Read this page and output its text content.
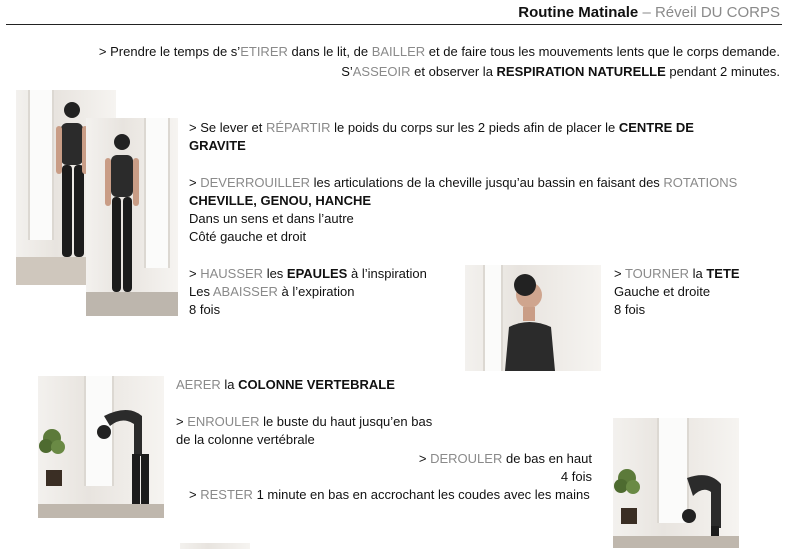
Routine Matinale – Réveil DU CORPS
> Prendre le temps de s’ETIRER dans le lit, de BAILLER et de faire tous les mouvements lents que le corps demande.
S’ASSEOIR et observer la RESPIRATION NATURELLE pendant 2 minutes.
> Se lever et RÉPARTIR le poids du corps sur les 2 pieds afin de placer le CENTRE DE
GRAVITE
> DEVERROUILLER les articulations de la cheville jusqu’au bassin en faisant des ROTATIONS
CHEVILLE, GENOU, HANCHE
Dans un sens et dans l’autre
Côté gauche et droit
> HAUSSER les EPAULES à l’inspiration
Les ABAISSER à l’expiration
8 fois
> TOURNER la TETE
Gauche et droite
8 fois
AERER la COLONNE VERTEBRALE
> ENROULER le buste du haut jusqu’en bas
de la colonne vertébrale
> DEROULER de bas en haut
4 fois
> RESTER 1 minute en bas en accrochant les coudes avec les mains
